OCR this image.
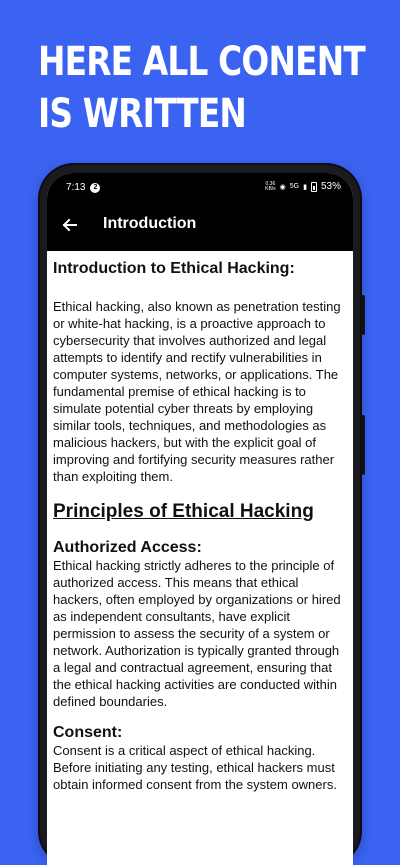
HERE ALL CONENT
IS WRITTEN
7:13	2
0.36
KB/s ◉ 5G ▮ 53%
Introduction
Introduction to Ethical Hacking:

Ethical hacking, also known as penetration testing or white-hat hacking, is a proactive approach to cybersecurity that involves authorized and legal attempts to identify and rectify vulnerabilities in computer systems, networks, or applications. The fundamental premise of ethical hacking is to simulate potential cyber threats by employing similar tools, techniques, and methodologies as malicious hackers, but with the explicit goal of improving and fortifying security measures rather than exploiting them.

Principles of Ethical Hacking
Authorized Access:

Ethical hacking strictly adheres to the principle of authorized access. This means that ethical hackers, often employed by organizations or hired as independent consultants, have explicit permission to assess the security of a system or network. Authorization is typically granted through a legal and contractual agreement, ensuring that the ethical hacking activities are conducted within defined boundaries.

Consent:

Consent is a critical aspect of ethical hacking. Before initiating any testing, ethical hackers must obtain informed consent from the system owners.
